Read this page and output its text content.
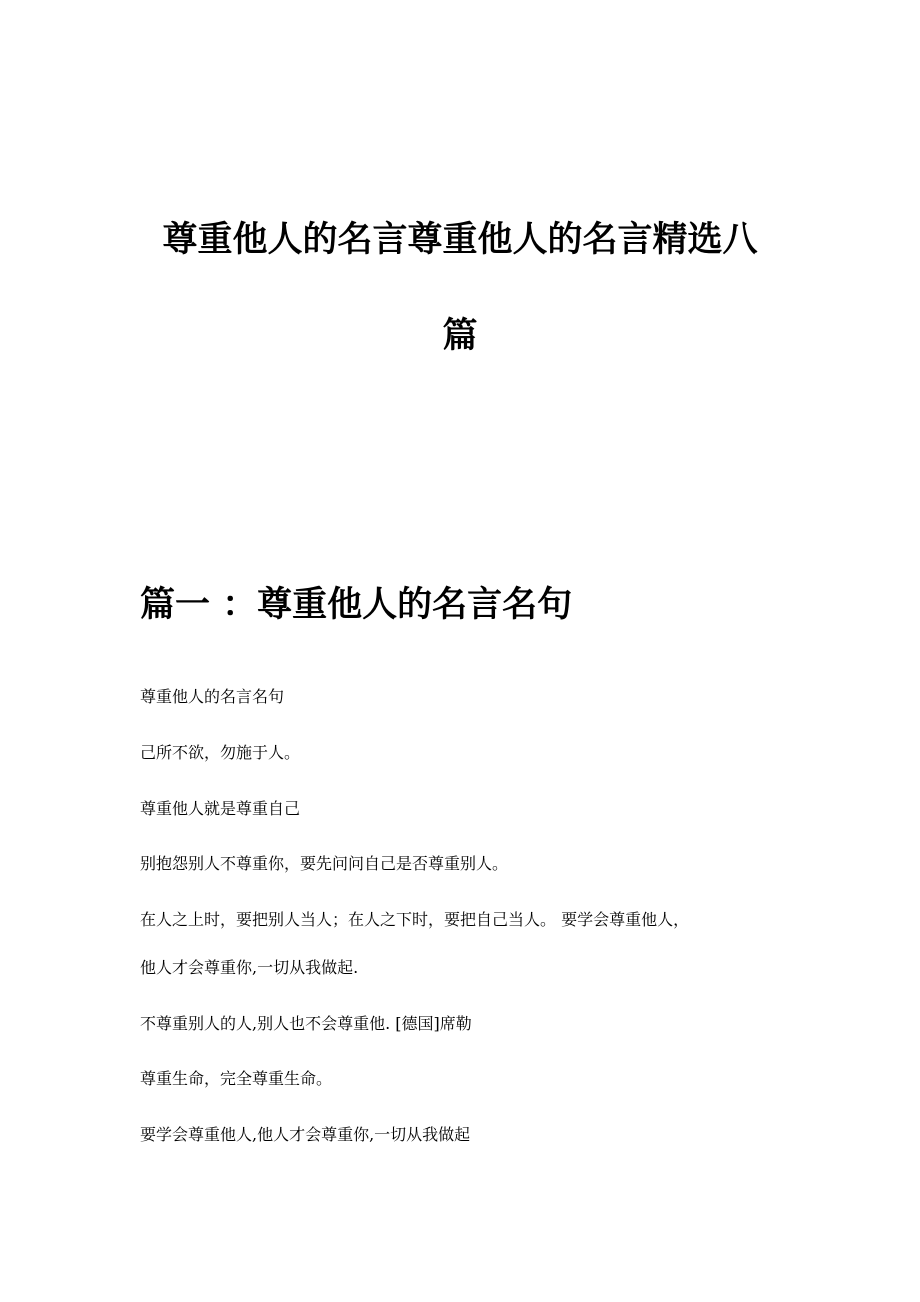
尊重他人的名言尊重他人的名言精选八
篇
篇一 ：尊重他人的名言名句

尊重他人的名言名句

己所不欲，勿施于人。

尊重他人就是尊重自己

别抱怨别人不尊重你，要先问问自己是否尊重别人。

在人之上时，要把别人当人；在人之下时，要把自己当人。 要学会尊重他人，

他人才会尊重你,一切从我做起.

不尊重别人的人,别人也不会尊重他. [德国]席勒

尊重生命，完全尊重生命。

要学会尊重他人,他人才会尊重你,一切从我做起
